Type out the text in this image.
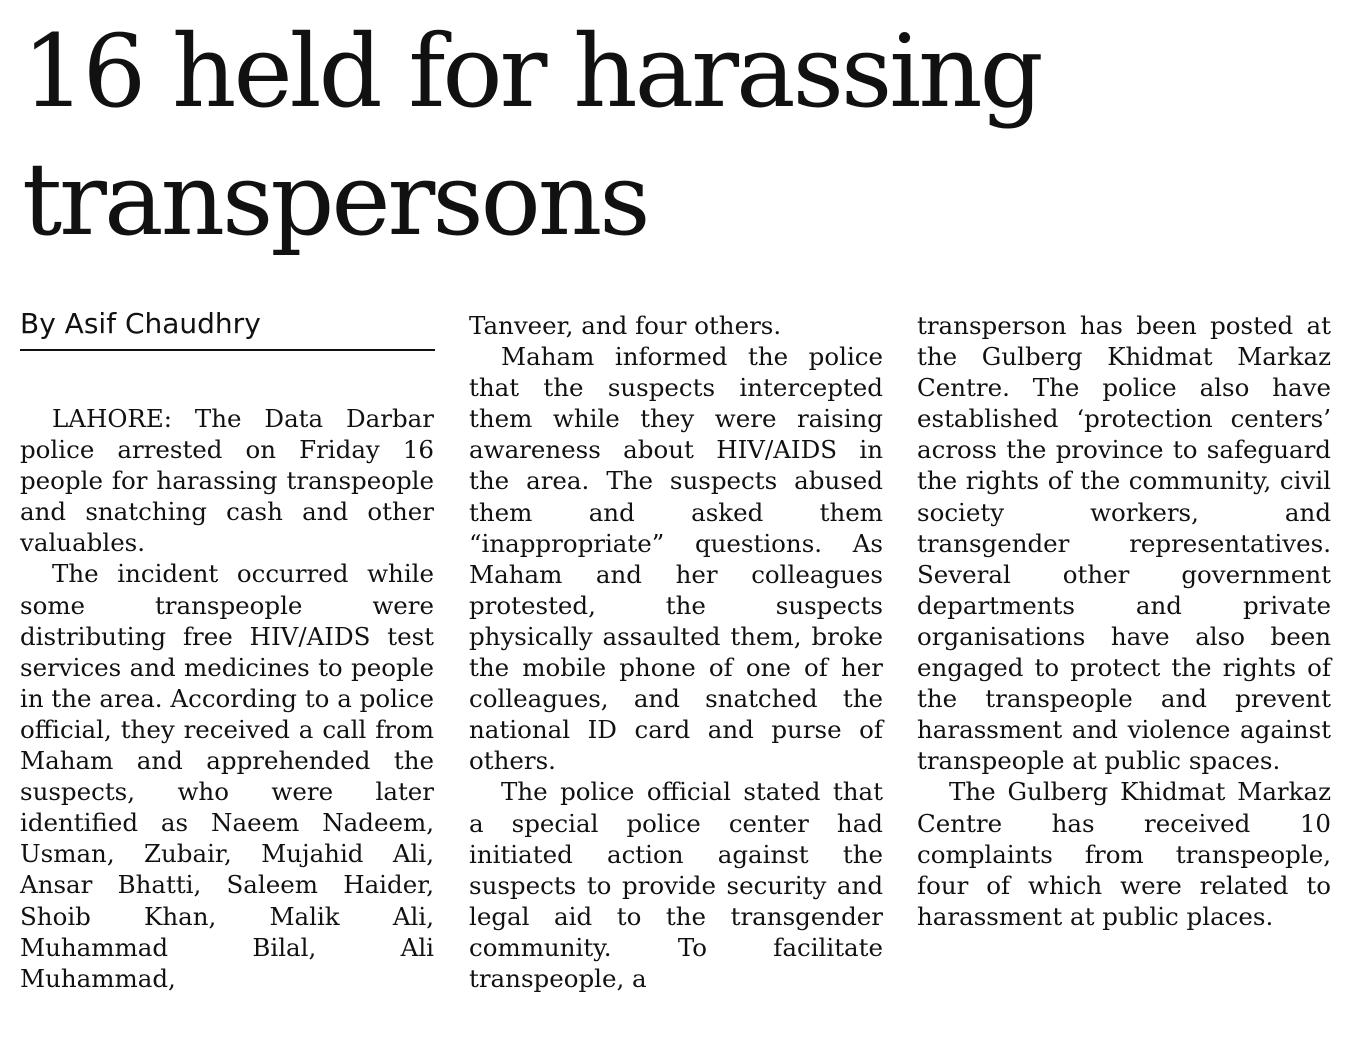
16 held for harassing transpersons
By Asif Chaudhry

LAHORE: The Data Darbar police arrested on Friday 16 people for harassing transpeople and snatching cash and other valuables.

The incident occurred while some transpeople were distributing free HIV/AIDS test services and medicines to people in the area. According to a police official, they received a call from Maham and apprehended the suspects, who were later identified as Naeem Nadeem, Usman, Zubair, Mujahid Ali, Ansar Bhatti, Saleem Haider, Shoib Khan, Malik Ali, Muhammad Bilal, Ali Muhammad,

Tanveer, and four others.

Maham informed the police that the suspects intercepted them while they were raising awareness about HIV/AIDS in the area. The suspects abused them and asked them “inappropriate” questions. As Maham and her colleagues protested, the suspects physically assaulted them, broke the mobile phone of one of her colleagues, and snatched the national ID card and purse of others.

The police official stated that a special police center had initiated action against the suspects to provide security and legal aid to the transgender community. To facilitate transpeople, a

transperson has been posted at the Gulberg Khidmat Markaz Centre. The police also have established ‘protection centers’ across the province to safeguard the rights of the community, civil society workers, and transgender representatives. Several other government departments and private organisations have also been engaged to protect the rights of the transpeople and prevent harassment and violence against transpeople at public spaces.

The Gulberg Khidmat Markaz Centre has received 10 complaints from transpeople, four of which were related to harassment at public places.
